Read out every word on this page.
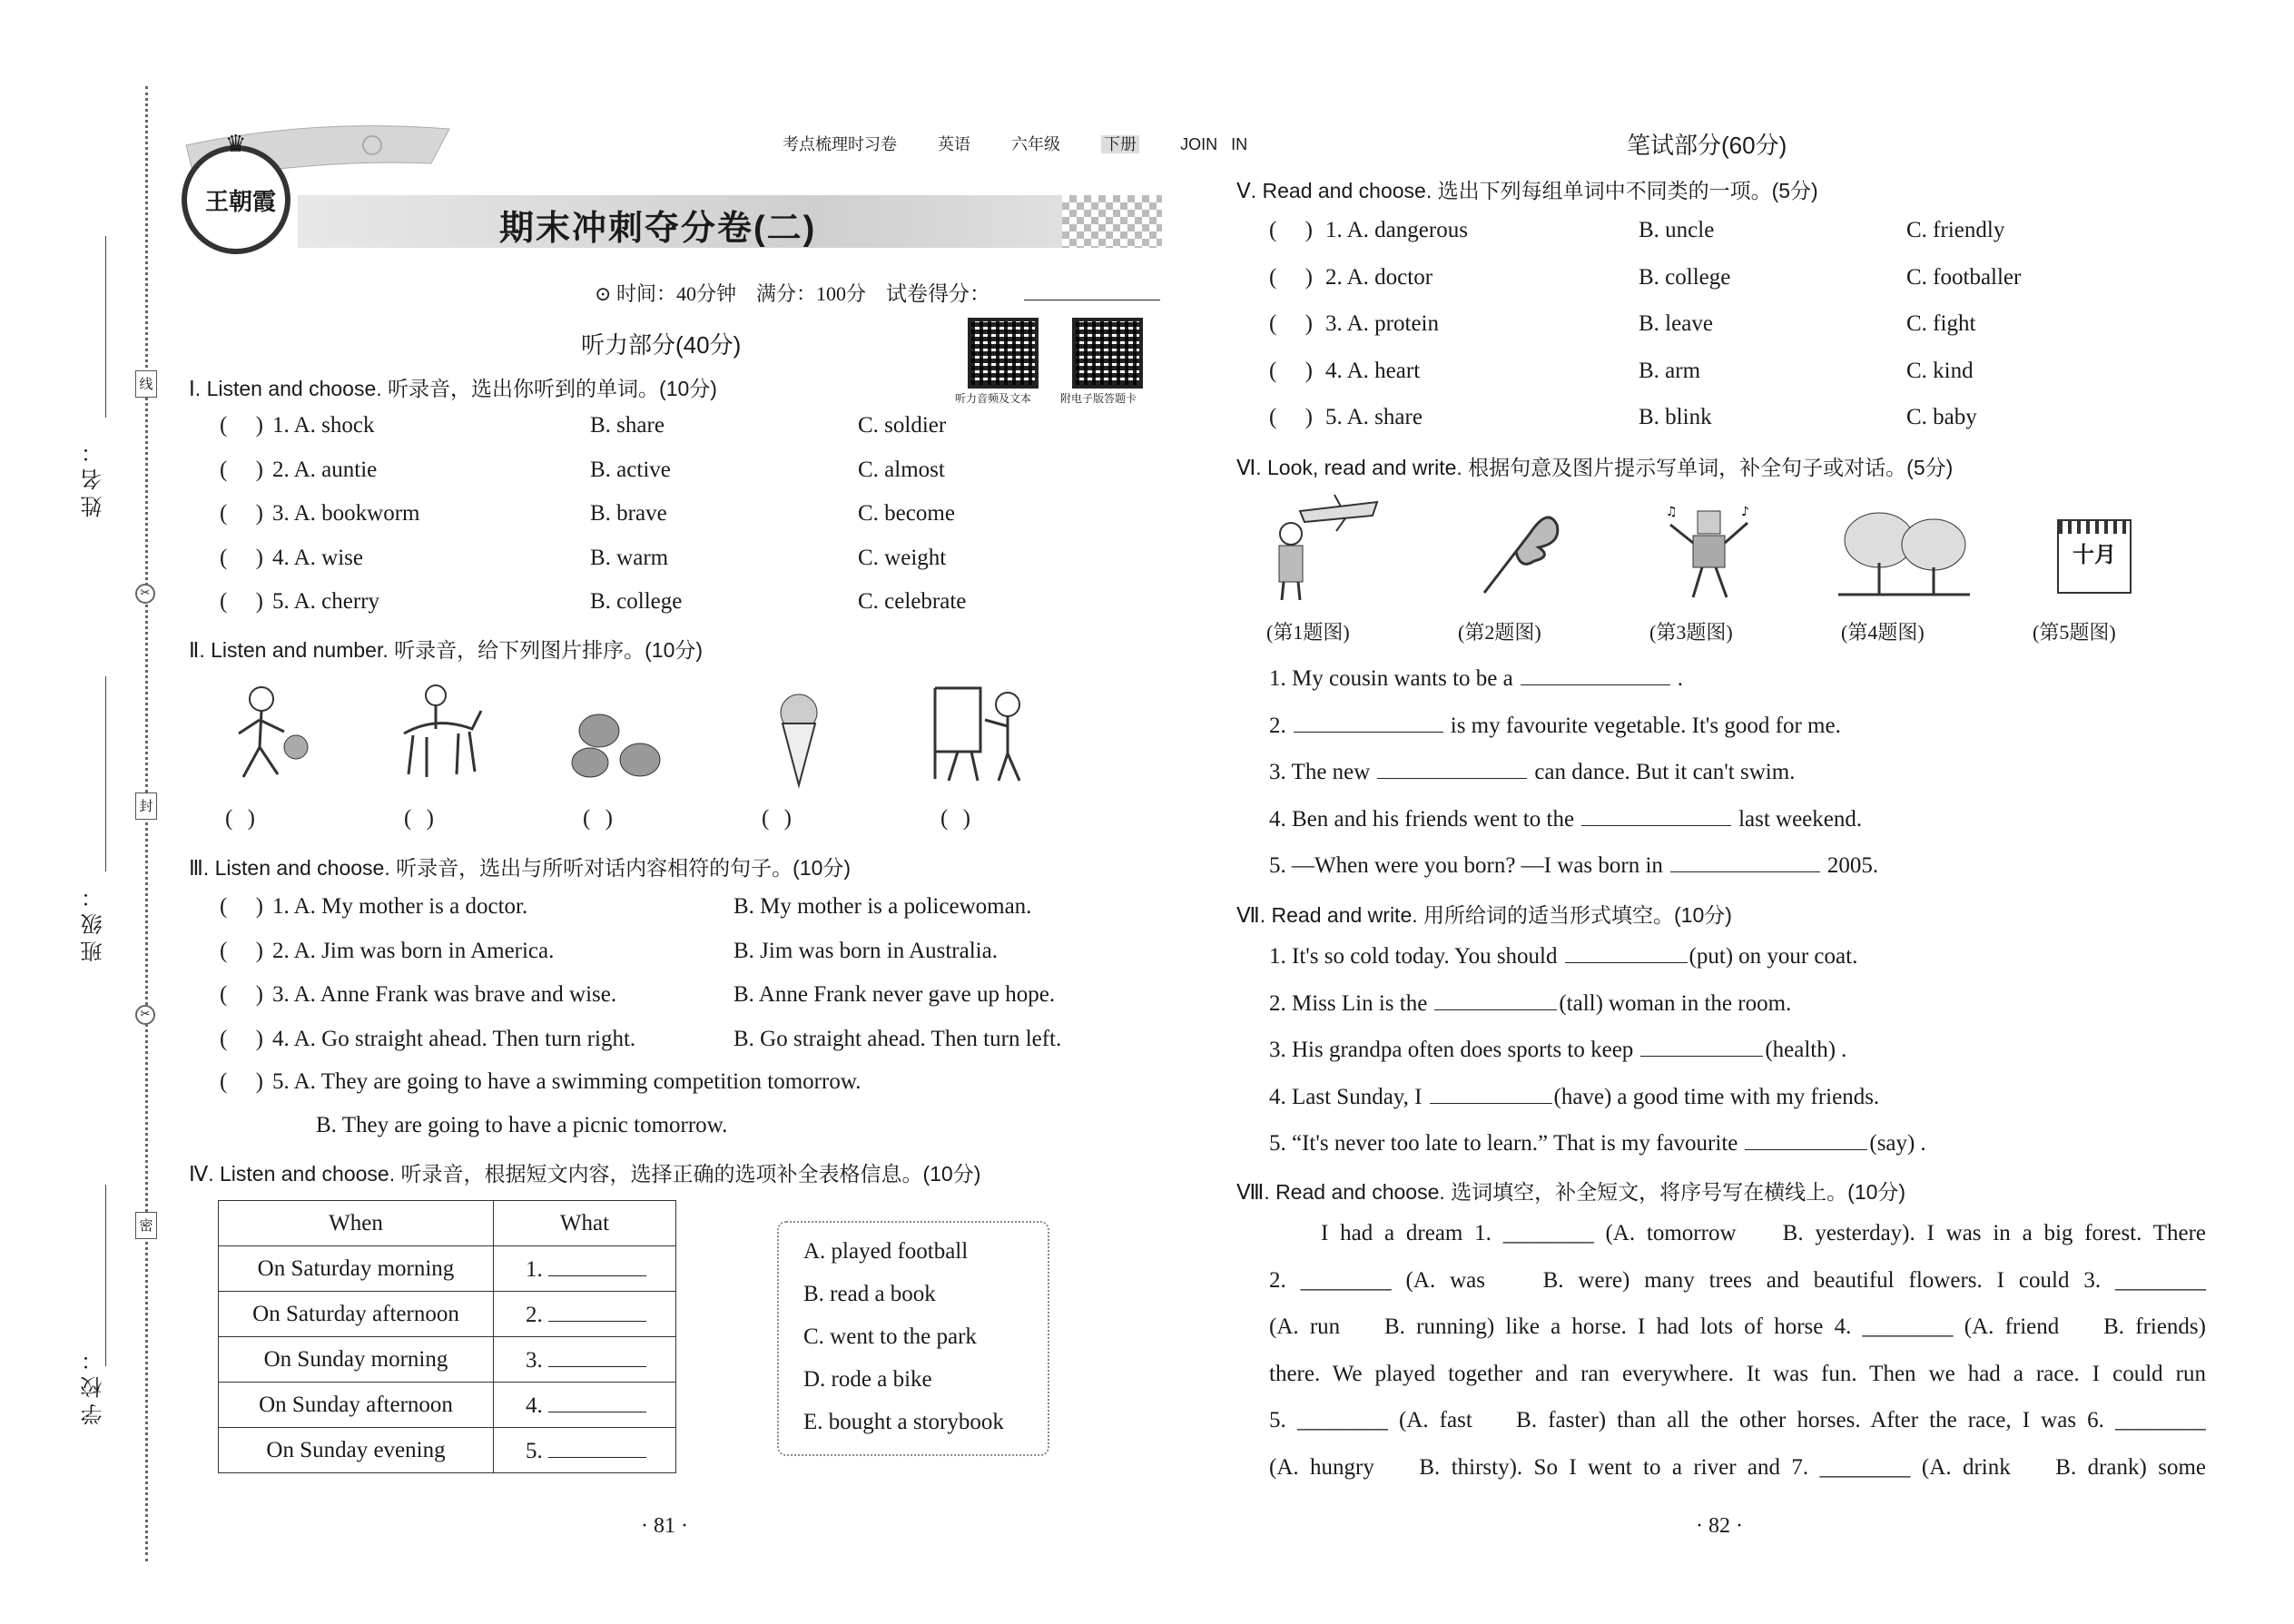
姓名：
班级：
学校：
线
封
密
✂
✂
王朝霞
♛	考点梳理时习卷	英语	六年级	下册	JOIN IN
期末冲刺夺分卷(二)
⊙ 时间：40分钟 满分：100分 试卷得分：
听力音频及文本	附电子版答题卡
听力部分(40分)
Ⅰ. Listen and choose. 听录音，选出你听到的单词。(10分)
(     ) 1. A. shock	B. share	C. soldier
(     ) 2. A. auntie	B. active	C. almost
(     ) 3. A. bookworm	B. brave	C. become
(     ) 4. A. wise	B. warm	C. weight
(     ) 5. A. cherry	B. college	C. celebrate
Ⅱ. Listen and number. 听录音，给下列图片排序。(10分)
( )	( )	( )	( )	( )
Ⅲ. Listen and choose. 听录音，选出与所听对话内容相符的句子。(10分)
(     ) 1. A. My mother is a doctor.	B. My mother is a policewoman.
(     ) 2. A. Jim was born in America.	B. Jim was born in Australia.
(     ) 3. A. Anne Frank was brave and wise.	B. Anne Frank never gave up hope.
(     ) 4. A. Go straight ahead. Then turn right.	B. Go straight ahead. Then turn left.
(     ) 5. A. They are going to have a swimming competition tomorrow.
B. They are going to have a picnic tomorrow.
Ⅳ. Listen and choose. 听录音，根据短文内容，选择正确的选项补全表格信息。(10分)
When	What
On Saturday morning	1.
On Saturday afternoon	2.
On Sunday morning	3.
On Sunday afternoon	4.
On Sunday evening	5.
A. played football
B. read a book
C. went to the park
D. rode a bike
E. bought a storybook
· 81 ·
笔试部分(60分)
Ⅴ. Read and choose. 选出下列每组单词中不同类的一项。(5分)
(     ) 1. A. dangerous	B. uncle	C. friendly
(     ) 2. A. doctor	B. college	C. footballer
(     ) 3. A. protein	B. leave	C. fight
(     ) 4. A. heart	B. arm	C. kind
(     ) 5. A. share	B. blink	C. baby
Ⅵ. Look, read and write. 根据句意及图片提示写单词，补全句子或对话。(5分)
♪
♫
十月
(第1题图)	(第2题图)	(第3题图)	(第4题图)	(第5题图)
1. My cousin wants to be a	.
2.	is my favourite vegetable. It's good for me.
3. The new	can dance. But it can't swim.
4. Ben and his friends went to the	last weekend.
5. —When were you born? —I was born in	2005.
Ⅶ. Read and write. 用所给词的适当形式填空。(10分)
1. It's so cold today. You should	(put) on your coat.
2. Miss Lin is the	(tall) woman in the room.
3. His grandpa often does sports to keep	(health) .
4. Last Sunday, I	(have) a good time with my friends.
5. “It's never too late to learn.” That is my favourite	(say) .
Ⅷ. Read and choose. 选词填空，补全短文，将序号写在横线上。(10分)
I had a dream 1. ________ (A. tomorrow    B. yesterday). I was in a big forest. There
2. ________ (A. was    B. were) many trees and beautiful flowers. I could 3. ________
(A. run    B. running) like a horse. I had lots of horse 4. ________ (A. friend    B. friends)
there. We played together and ran everywhere. It was fun. Then we had a race. I could run
5. ________ (A. fast    B. faster) than all the other horses. After the race, I was 6. ________
(A. hungry    B. thirsty). So I went to a river and 7. ________ (A. drink    B. drank) some
· 82 ·
